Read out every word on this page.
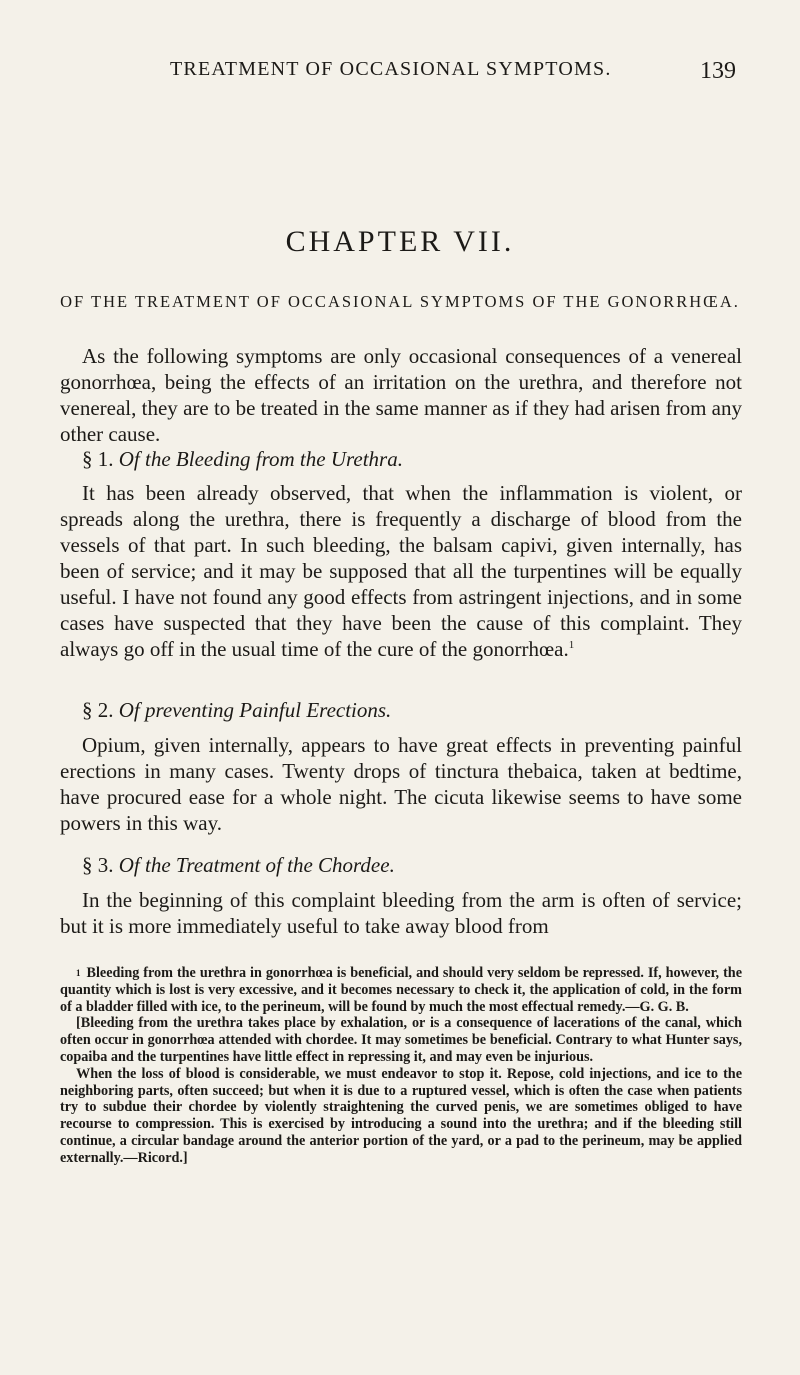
TREATMENT OF OCCASIONAL SYMPTOMS.	139
CHAPTER VII.
OF THE TREATMENT OF OCCASIONAL SYMPTOMS OF THE GONORRHŒA.

As the following symptoms are only occasional consequences of a venereal gonorrhœa, being the effects of an irritation on the urethra, and therefore not venereal, they are to be treated in the same manner as if they had arisen from any other cause.

§ 1. Of the Bleeding from the Urethra.

It has been already observed, that when the inflammation is violent, or spreads along the urethra, there is frequently a discharge of blood from the vessels of that part. In such bleeding, the balsam capivi, given internally, has been of service; and it may be supposed that all the turpentines will be equally useful. I have not found any good effects from astringent injections, and in some cases have suspected that they have been the cause of this complaint. They always go off in the usual time of the cure of the gonorrhœa.$^1$

§ 2. Of preventing Painful Erections.

Opium, given internally, appears to have great effects in preventing painful erections in many cases. Twenty drops of tinctura thebaica, taken at bedtime, have procured ease for a whole night. The cicuta likewise seems to have some powers in this way.

§ 3. Of the Treatment of the Chordee.

In the beginning of this complaint bleeding from the arm is often of service; but it is more immediately useful to take away blood from

$^1$ Bleeding from the urethra in gonorrhœa is beneficial, and should very seldom be repressed. If, however, the quantity which is lost is very excessive, and it becomes necessary to check it, the application of cold, in the form of a bladder filled with ice, to the perineum, will be found by much the most effectual remedy.—G. G. B.

[Bleeding from the urethra takes place by exhalation, or is a consequence of lacerations of the canal, which often occur in gonorrhœa attended with chordee. It may sometimes be beneficial. Contrary to what Hunter says, copaiba and the turpentines have little effect in repressing it, and may even be injurious.

When the loss of blood is considerable, we must endeavor to stop it. Repose, cold injections, and ice to the neighboring parts, often succeed; but when it is due to a ruptured vessel, which is often the case when patients try to subdue their chordee by violently straightening the curved penis, we are sometimes obliged to have recourse to compression. This is exercised by introducing a sound into the urethra; and if the bleeding still continue, a circular bandage around the anterior portion of the yard, or a pad to the perineum, may be applied externally.—Ricord.]
